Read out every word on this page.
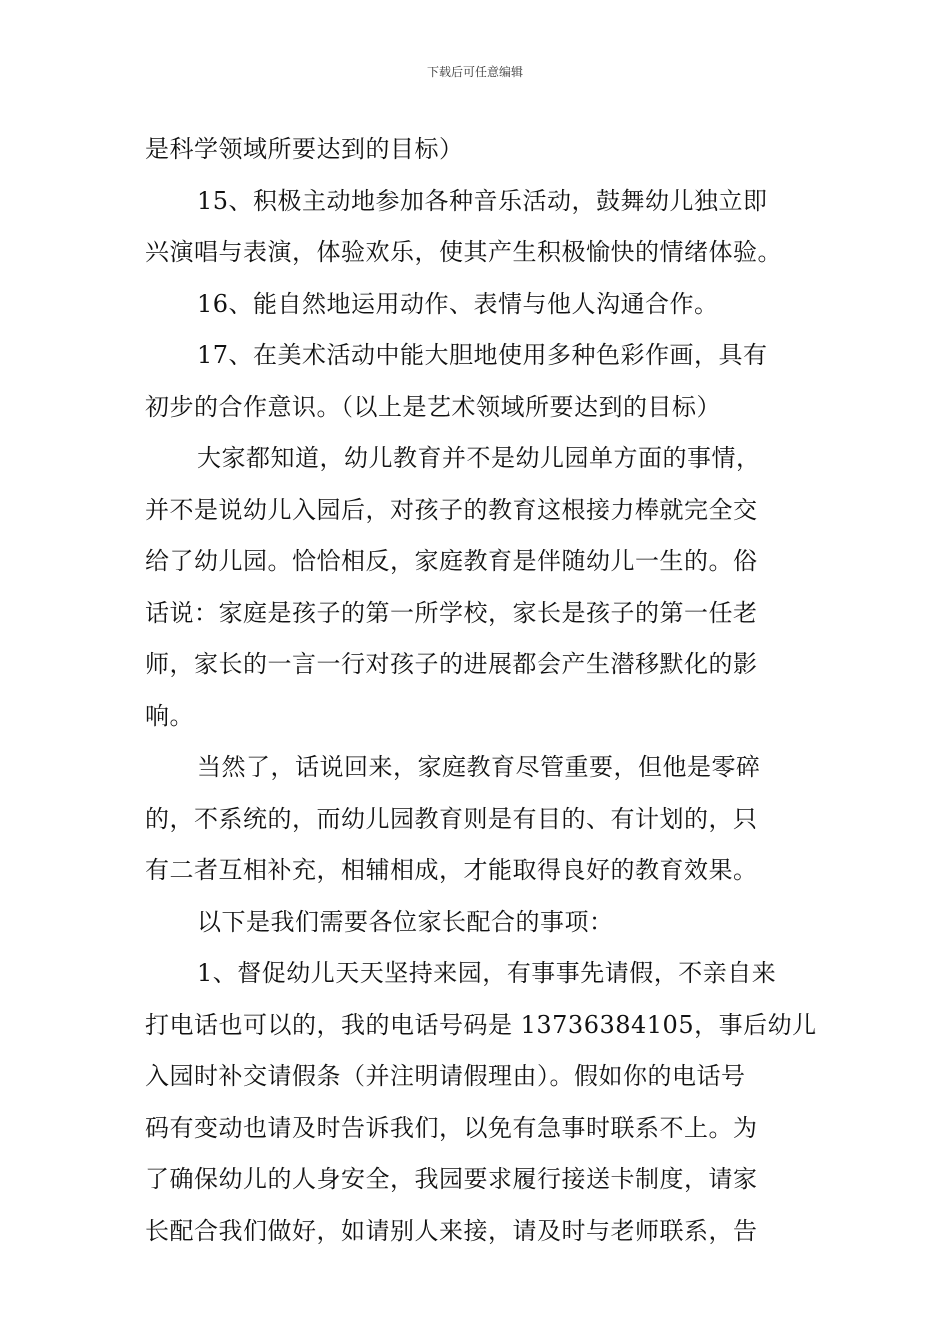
下载后可任意编辑
是科学领域所要达到的目标）
15、积极主动地参加各种音乐活动，鼓舞幼儿独立即
兴演唱与表演，体验欢乐，使其产生积极愉快的情绪体验。
16、能自然地运用动作、表情与他人沟通合作。
17、在美术活动中能大胆地使用多种色彩作画，具有
初步的合作意识。（以上是艺术领域所要达到的目标）
大家都知道，幼儿教育并不是幼儿园单方面的事情，
并不是说幼儿入园后，对孩子的教育这根接力棒就完全交
给了幼儿园。恰恰相反，家庭教育是伴随幼儿一生的。俗
话说：家庭是孩子的第一所学校，家长是孩子的第一任老
师，家长的一言一行对孩子的进展都会产生潜移默化的影
响。
当然了，话说回来，家庭教育尽管重要，但他是零碎
的，不系统的，而幼儿园教育则是有目的、有计划的，只
有二者互相补充，相辅相成，才能取得良好的教育效果。
以下是我们需要各位家长配合的事项：
1、督促幼儿天天坚持来园，有事事先请假，不亲自来
打电话也可以的，我的电话号码是 13736384105，事后幼儿
入园时补交请假条（并注明请假理由）。假如你的电话号
码有变动也请及时告诉我们，以免有急事时联系不上。为
了确保幼儿的人身安全，我园要求履行接送卡制度，请家
长配合我们做好，如请别人来接，请及时与老师联系，告
